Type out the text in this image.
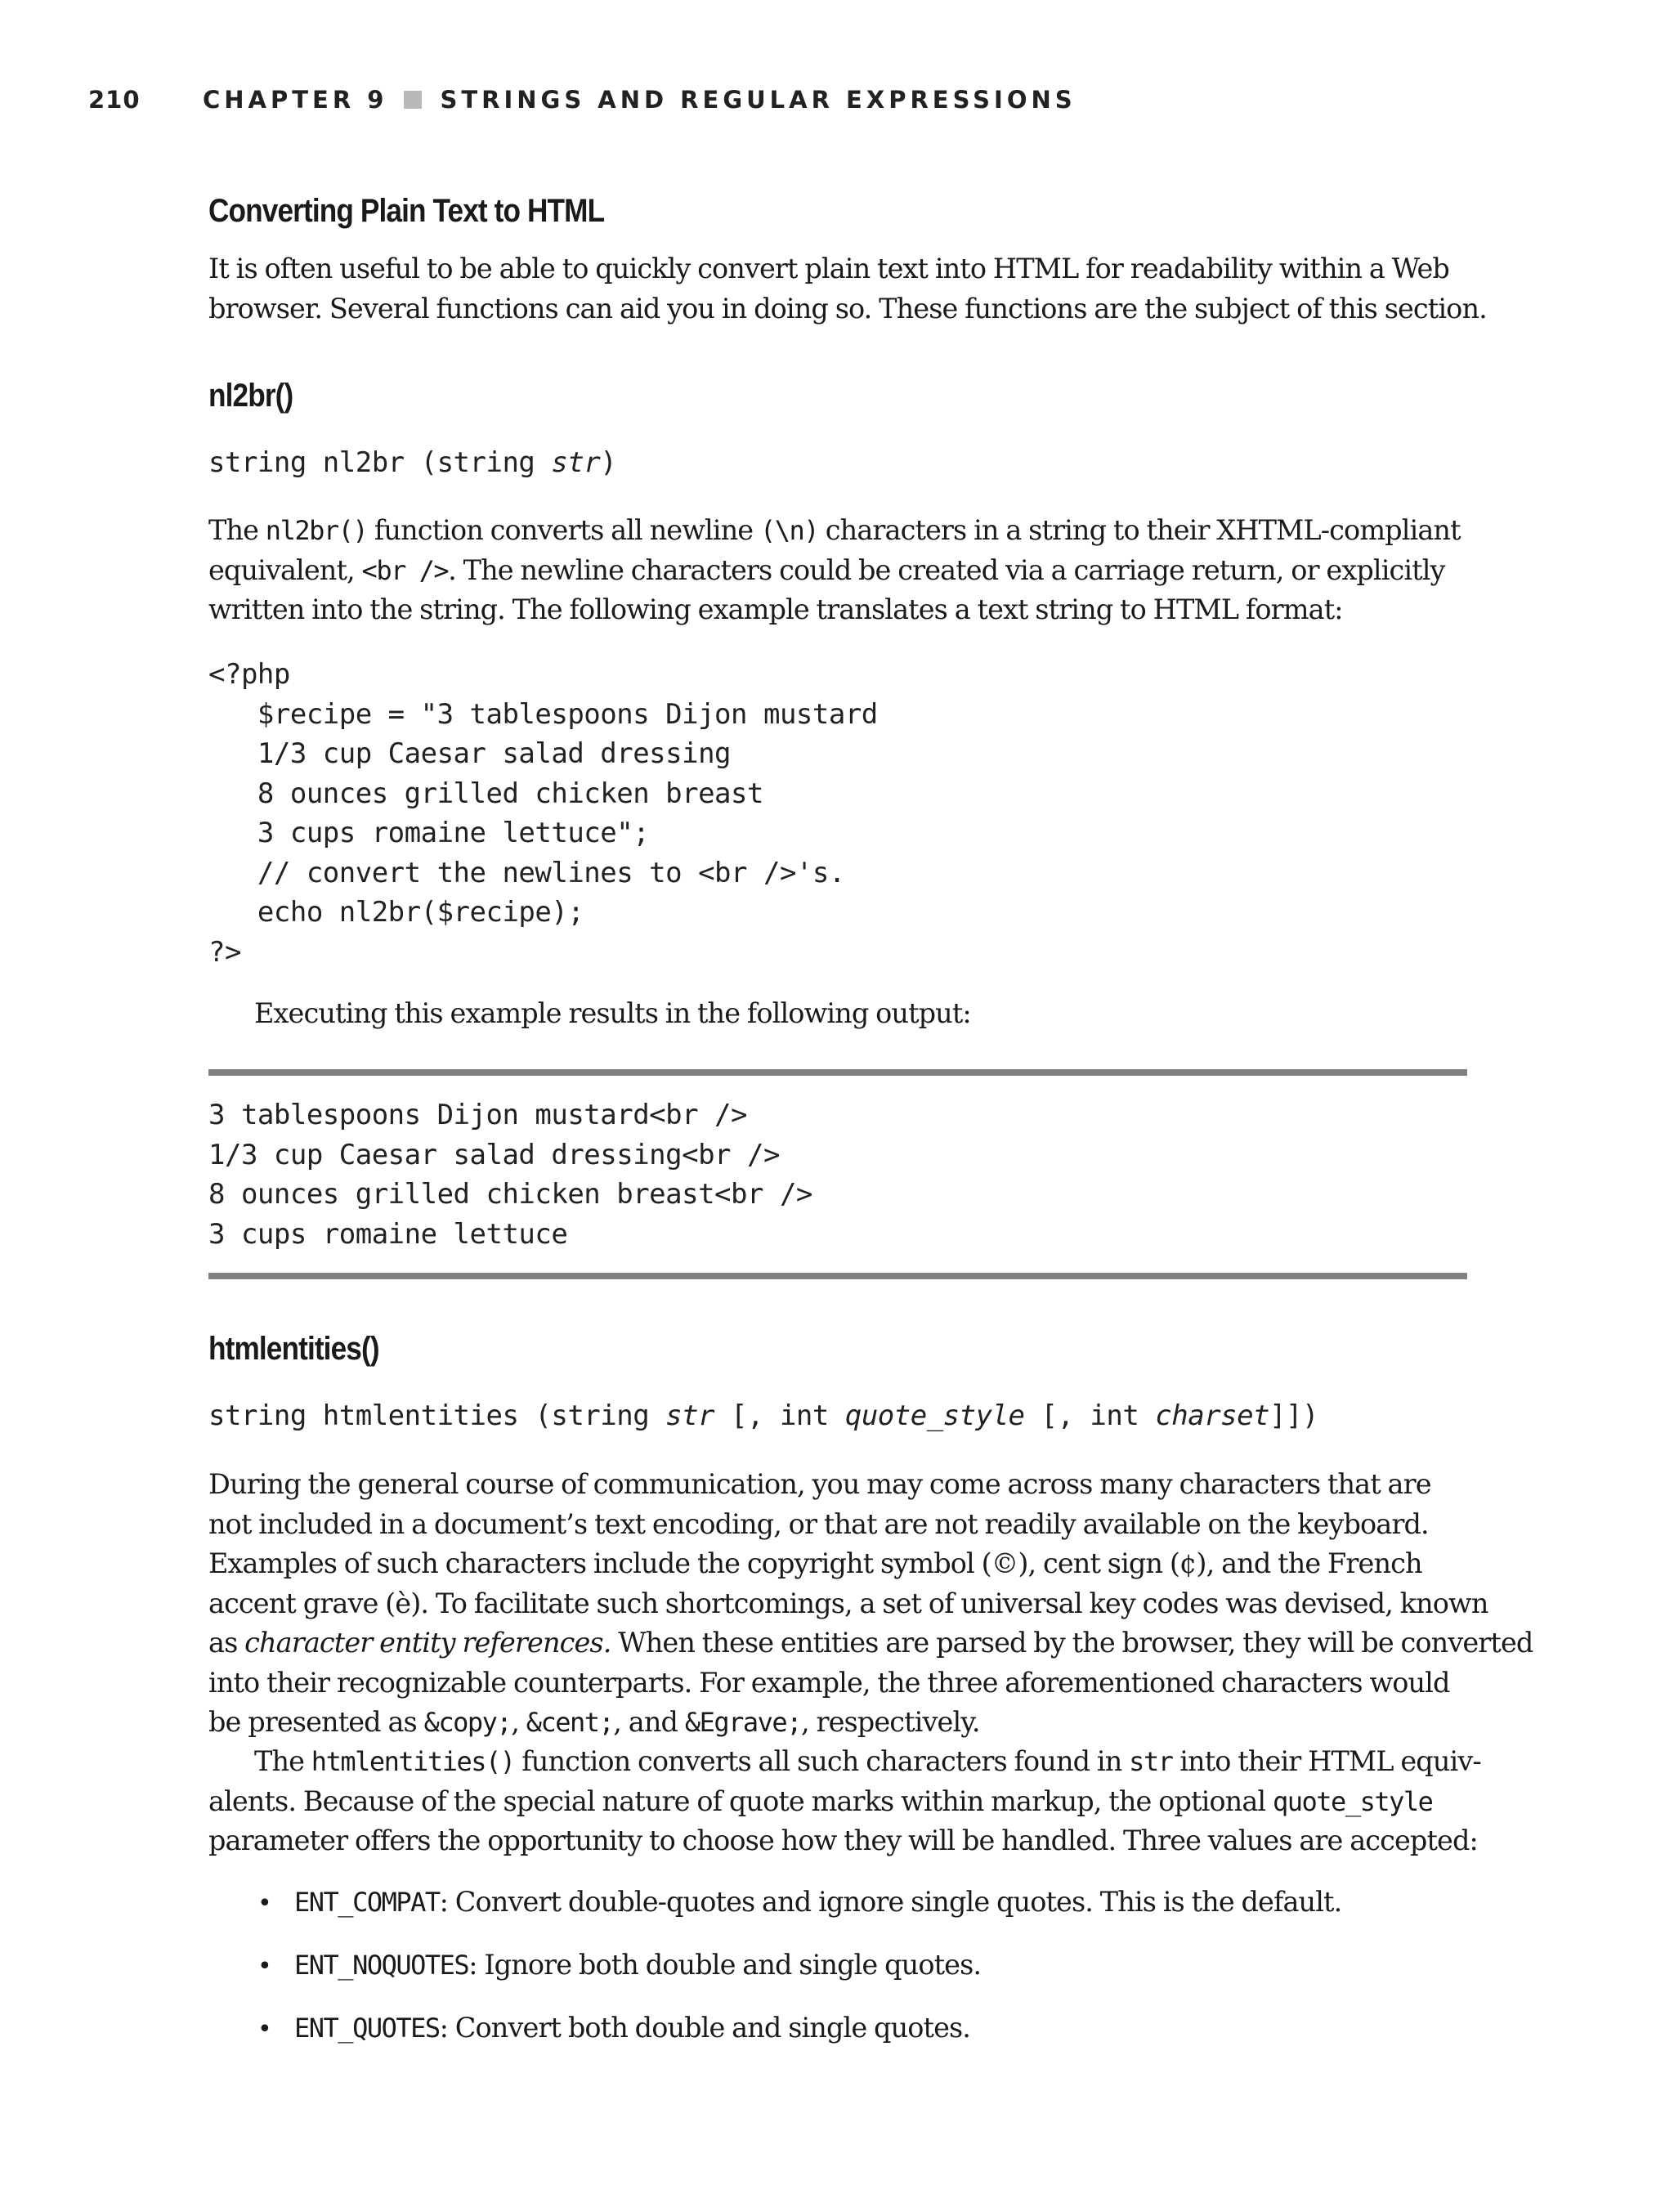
210	CHAPTER 9 STRINGS AND REGULAR EXPRESSIONS
Converting Plain Text to HTML

It is often useful to be able to quickly convert plain text into HTML for readability within a Web

browser. Several functions can aid you in doing so. These functions are the subject of this section.

nl2br()
string nl2br (string str)

The nl2br() function converts all newline (\n) characters in a string to their XHTML-compliant

equivalent, <br />. The newline characters could be created via a carriage return, or explicitly

written into the string. The following example translates a text string to HTML format:

<?php
$recipe = "3 tablespoons Dijon mustard
1/3 cup Caesar salad dressing
8 ounces grilled chicken breast
3 cups romaine lettuce";
// convert the newlines to <br />'s.
echo nl2br($recipe);
?>

Executing this example results in the following output:

3 tablespoons Dijon mustard<br />
1/3 cup Caesar salad dressing<br />
8 ounces grilled chicken breast<br />
3 cups romaine lettuce
htmlentities()
string htmlentities (string str [, int quote_style [, int charset]])

During the general course of communication, you may come across many characters that are

not included in a document’s text encoding, or that are not readily available on the keyboard.

Examples of such characters include the copyright symbol (©), cent sign (¢), and the French

accent grave (è). To facilitate such shortcomings, a set of universal key codes was devised, known

as character entity references. When these entities are parsed by the browser, they will be converted

into their recognizable counterparts. For example, the three aforementioned characters would

be presented as &copy;, &cent;, and &Egrave;, respectively.

The htmlentities() function converts all such characters found in str into their HTML equiv-

alents. Because of the special nature of quote marks within markup, the optional quote_style

parameter offers the opportunity to choose how they will be handled. Three values are accepted:

• ENT_COMPAT: Convert double-quotes and ignore single quotes. This is the default.
• ENT_NOQUOTES: Ignore both double and single quotes.
• ENT_QUOTES: Convert both double and single quotes.
